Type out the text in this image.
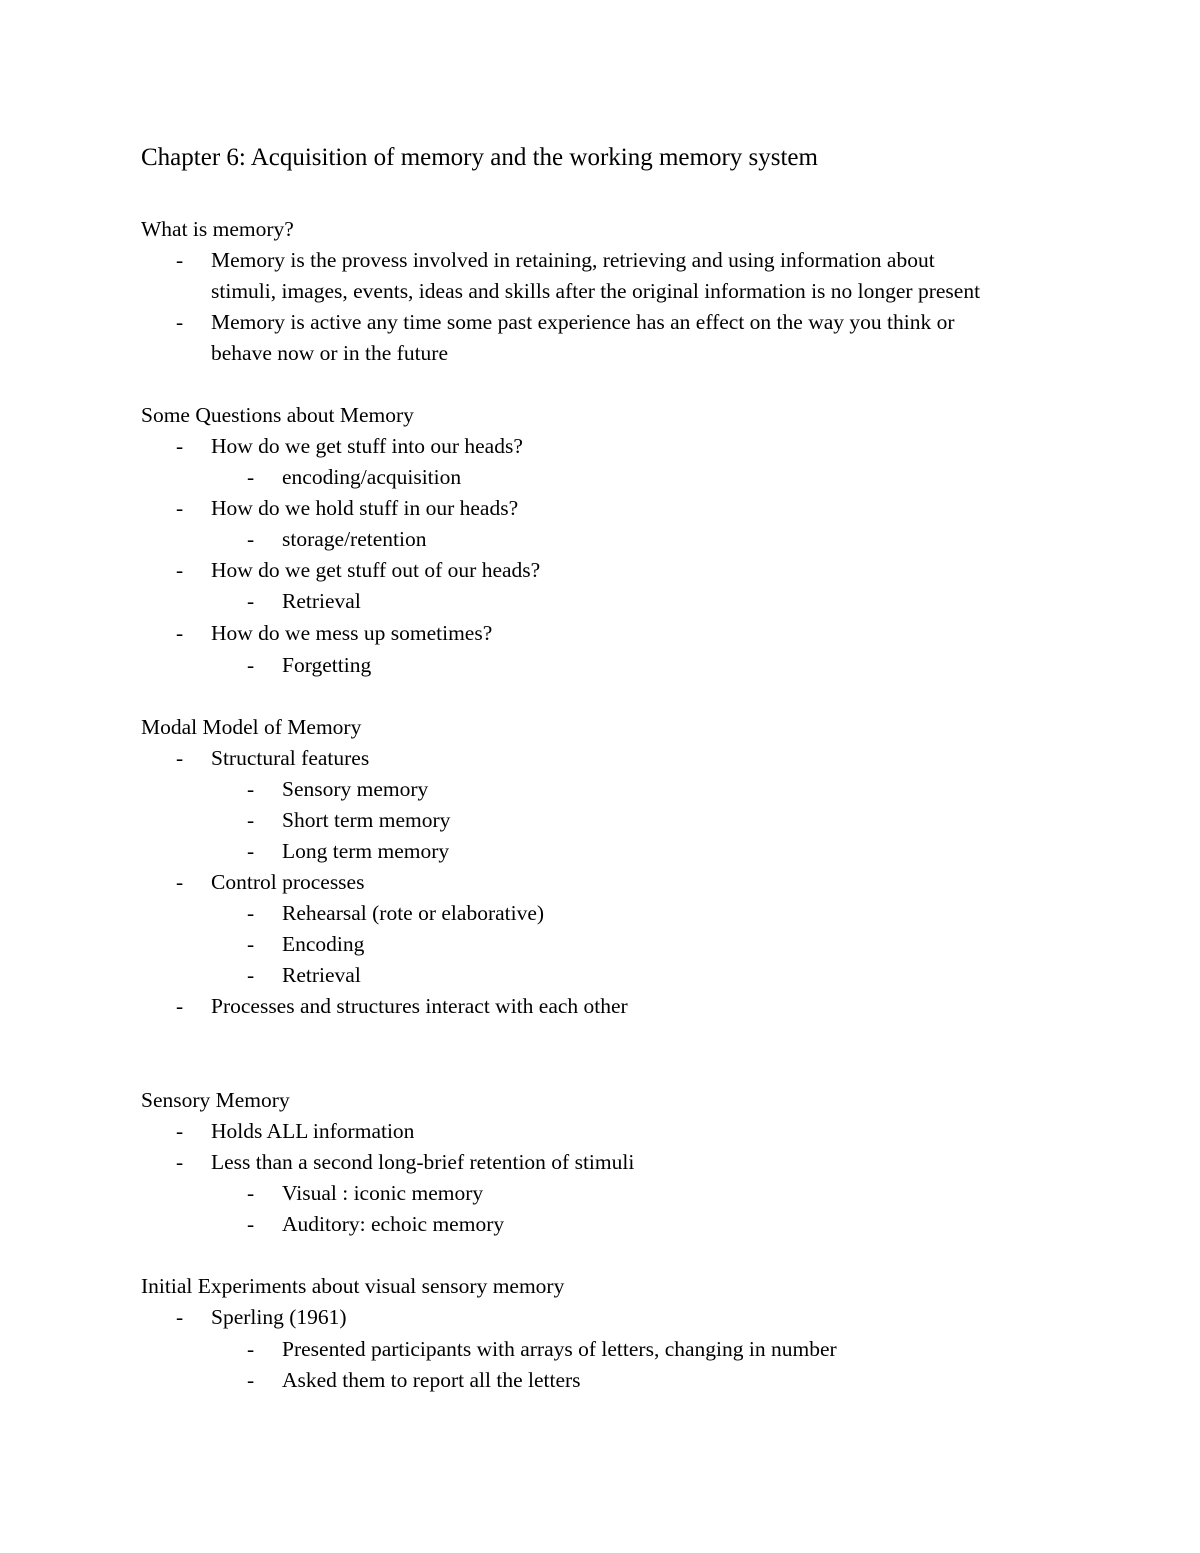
Chapter 6: Acquisition of memory and the working memory system
What is memory?
- Memory is the provess involved in retaining, retrieving and using information about
stimuli, images, events, ideas and skills after the original information is no longer present
- Memory is active any time some past experience has an effect on the way you think or
behave now or in the future
Some Questions about Memory
- How do we get stuff into our heads?
- encoding/acquisition
- How do we hold stuff in our heads?
- storage/retention
- How do we get stuff out of our heads?
- Retrieval
- How do we mess up sometimes?
- Forgetting
Modal Model of Memory
- Structural features
- Sensory memory
- Short term memory
- Long term memory
- Control processes
- Rehearsal (rote or elaborative)
- Encoding
- Retrieval
- Processes and structures interact with each other
Sensory Memory
- Holds ALL information
- Less than a second long-brief retention of stimuli
- Visual : iconic memory
- Auditory: echoic memory
Initial Experiments about visual sensory memory
- Sperling (1961)
- Presented participants with arrays of letters, changing in number
- Asked them to report all the letters
